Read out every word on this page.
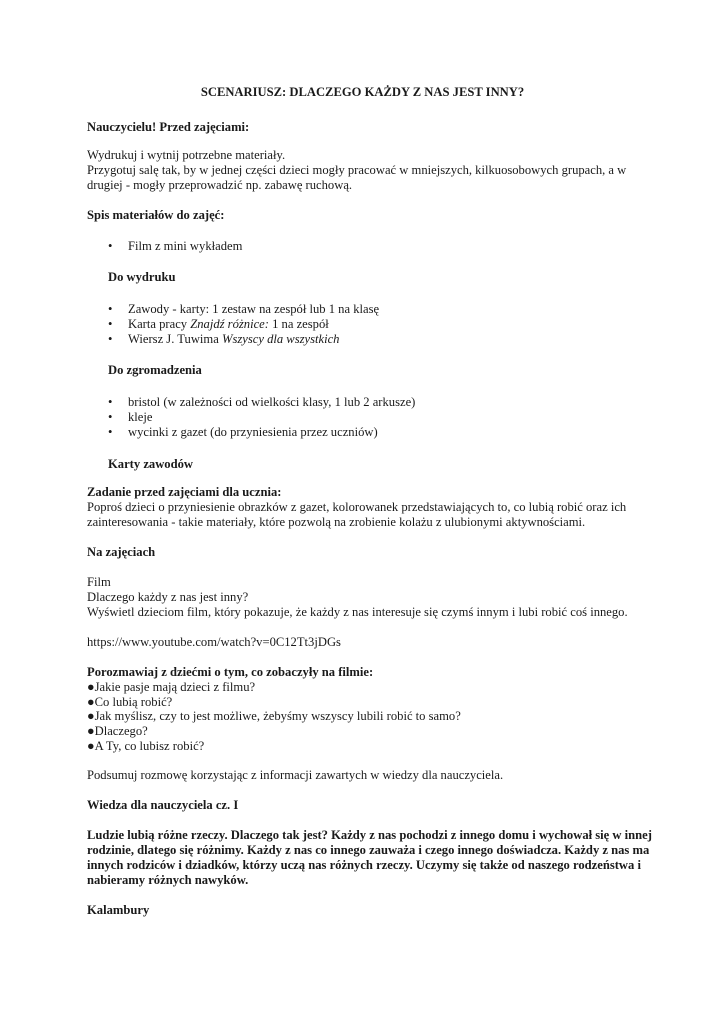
SCENARIUSZ: DLACZEGO KAŻDY Z NAS JEST INNY?
Nauczycielu! Przed zajęciami:
Wydrukuj i wytnij potrzebne materiały.
Przygotuj salę tak, by w jednej części dzieci mogły pracować w mniejszych, kilkuosobowych grupach, a w
drugiej - mogły przeprowadzić np. zabawę ruchową.
Spis materiałów do zajęć:
• Film z mini wykładem
Do wydruku
• Zawody - karty: 1 zestaw na zespół lub 1 na klasę
• Karta pracy Znajdź różnice: 1 na zespół
• Wiersz J. Tuwima Wszyscy dla wszystkich
Do zgromadzenia
• bristol (w zależności od wielkości klasy, 1 lub 2 arkusze)
• kleje
• wycinki z gazet (do przyniesienia przez uczniów)
Karty zawodów
Zadanie przed zajęciami dla ucznia:
Poproś dzieci o przyniesienie obrazków z gazet, kolorowanek przedstawiających to, co lubią robić oraz ich
zainteresowania - takie materiały, które pozwolą na zrobienie kolażu z ulubionymi aktywnościami.
Na zajęciach
Film
Dlaczego każdy z nas jest inny?
Wyświetl dzieciom film, który pokazuje, że każdy z nas interesuje się czymś innym i lubi robić coś innego.
https://www.youtube.com/watch?v=0C12Tt3jDGs
Porozmawiaj z dziećmi o tym, co zobaczyły na filmie:
●Jakie pasje mają dzieci z filmu?
●Co lubią robić?
●Jak myślisz, czy to jest możliwe, żebyśmy wszyscy lubili robić to samo?
●Dlaczego?
●A Ty, co lubisz robić?
Podsumuj rozmowę korzystając z informacji zawartych w wiedzy dla nauczyciela.
Wiedza dla nauczyciela cz. I
Ludzie lubią różne rzeczy. Dlaczego tak jest? Każdy z nas pochodzi z innego domu i wychował się w innej
rodzinie, dlatego się różnimy. Każdy z nas co innego zauważa i czego innego doświadcza. Każdy z nas ma
innych rodziców i dziadków, którzy uczą nas różnych rzeczy. Uczymy się także od naszego rodzeństwa i
nabieramy różnych nawyków.
Kalambury
